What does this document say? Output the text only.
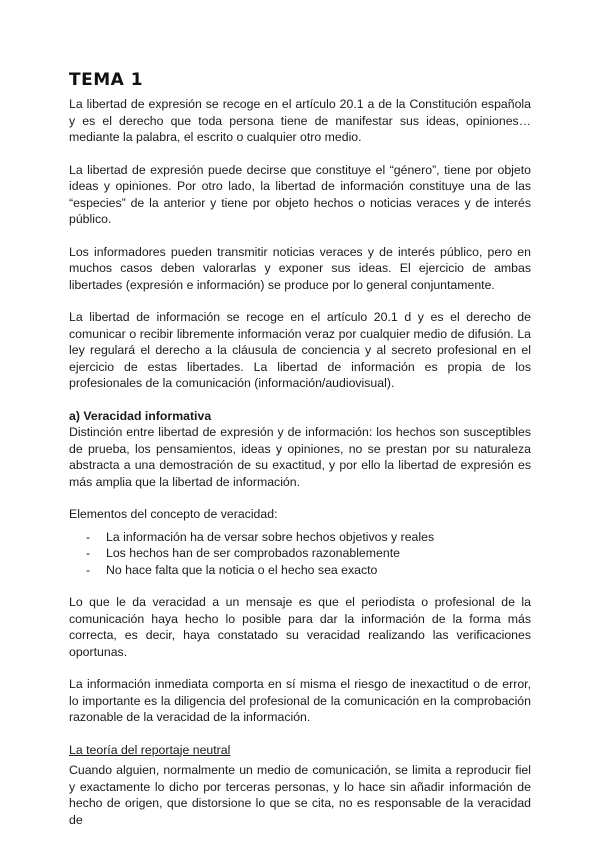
TEMA 1

La libertad de expresión se recoge en el artículo 20.1 a de la Constitución española y es el derecho que toda persona tiene de manifestar sus ideas, opiniones… mediante la palabra, el escrito o cualquier otro medio.

La libertad de expresión puede decirse que constituye el “género”, tiene por objeto ideas y opiniones. Por otro lado, la libertad de información constituye una de las “especies” de la anterior y tiene por objeto hechos o noticias veraces y de interés público.

Los informadores pueden transmitir noticias veraces y de interés público, pero en muchos casos deben valorarlas y exponer sus ideas. El ejercicio de ambas libertades (expresión e información) se produce por lo general conjuntamente.

La libertad de información se recoge en el artículo 20.1 d y es el derecho de comunicar o recibir libremente información veraz por cualquier medio de difusión. La ley regulará el derecho a la cláusula de conciencia y al secreto profesional en el ejercicio de estas libertades. La libertad de información es propia de los profesionales de la comunicación (información/audiovisual).

a) Veracidad informativa

Distinción entre libertad de expresión y de información: los hechos son susceptibles de prueba, los pensamientos, ideas y opiniones, no se prestan por su naturaleza abstracta a una demostración de su exactitud, y por ello la libertad de expresión es más amplia que la libertad de información.

Elementos del concepto de veracidad:

- La información ha de versar sobre hechos objetivos y reales
- Los hechos han de ser comprobados razonablemente
- No hace falta que la noticia o el hecho sea exacto

Lo que le da veracidad a un mensaje es que el periodista o profesional de la comunicación haya hecho lo posible para dar la información de la forma más correcta, es decir, haya constatado su veracidad realizando las verificaciones oportunas.

La información inmediata comporta en sí misma el riesgo de inexactitud o de error, lo importante es la diligencia del profesional de la comunicación en la comprobación razonable de la veracidad de la información.

La teoría del reportaje neutral

Cuando alguien, normalmente un medio de comunicación, se limita a reproducir fiel y exactamente lo dicho por terceras personas, y lo hace sin añadir información de hecho de origen, que distorsione lo que se cita, no es responsable de la veracidad de
